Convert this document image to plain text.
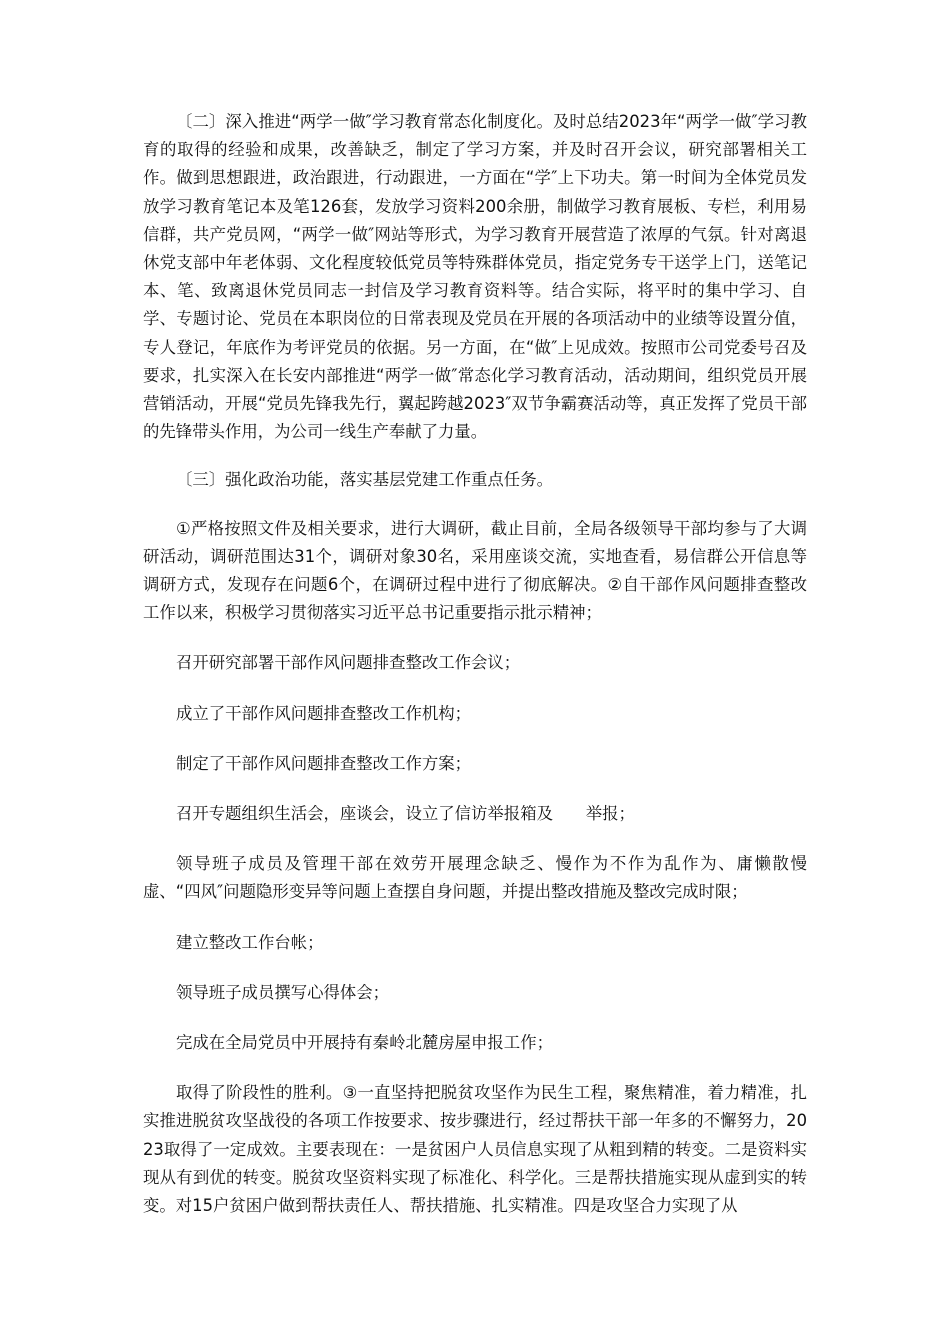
〔二〕深入推进“两学一做″学习教育常态化制度化。及时总结2023年“两学一做″学习教育的取得的经验和成果，改善缺乏，制定了学习方案，并及时召开会议，研究部署相关工作。做到思想跟进，政治跟进，行动跟进，一方面在“学″上下功夫。第一时间为全体党员发放学习教育笔记本及笔126套，发放学习资料200余册，制做学习教育展板、专栏，利用易信群，共产党员网，“两学一做″网站等形式，为学习教育开展营造了浓厚的气氛。针对离退休党支部中年老体弱、文化程度较低党员等特殊群体党员，指定党务专干送学上门，送笔记本、笔、致离退休党员同志一封信及学习教育资料等。结合实际，将平时的集中学习、自学、专题讨论、党员在本职岗位的日常表现及党员在开展的各项活动中的业绩等设置分值，专人登记，年底作为考评党员的依据。另一方面，在“做″上见成效。按照市公司党委号召及要求，扎实深入在长安内部推进“两学一做″常态化学习教育活动，活动期间，组织党员开展营销活动，开展“党员先锋我先行，翼起跨越2023″双节争霸赛活动等，真正发挥了党员干部的先锋带头作用，为公司一线生产奉献了力量。

〔三〕强化政治功能，落实基层党建工作重点任务。

①严格按照文件及相关要求，进行大调研，截止目前，全局各级领导干部均参与了大调研活动，调研范围达31个，调研对象30名，采用座谈交流，实地查看，易信群公开信息等调研方式，发现存在问题6个，在调研过程中进行了彻底解决。②自干部作风问题排查整改工作以来，积极学习贯彻落实习近平总书记重要指示批示精神；

召开研究部署干部作风问题排查整改工作会议；

成立了干部作风问题排查整改工作机构；

制定了干部作风问题排查整改工作方案；

召开专题组织生活会，座谈会，设立了信访举报箱及　　举报；

领导班子成员及管理干部在效劳开展理念缺乏、慢作为不作为乱作为、庸懒散慢虚、“四风″问题隐形变异等问题上查摆自身问题，并提出整改措施及整改完成时限；

建立整改工作台帐；

领导班子成员撰写心得体会；

完成在全局党员中开展持有秦岭北麓房屋申报工作；

取得了阶段性的胜利。③一直坚持把脱贫攻坚作为民生工程，聚焦精准，着力精准，扎实推进脱贫攻坚战役的各项工作按要求、按步骤进行，经过帮扶干部一年多的不懈努力，2023取得了一定成效。主要表现在：一是贫困户人员信息实现了从粗到精的转变。二是资料实现从有到优的转变。脱贫攻坚资料实现了标准化、科学化。三是帮扶措施实现从虚到实的转变。对15户贫困户做到帮扶责任人、帮扶措施、扎实精准。四是攻坚合力实现了从
